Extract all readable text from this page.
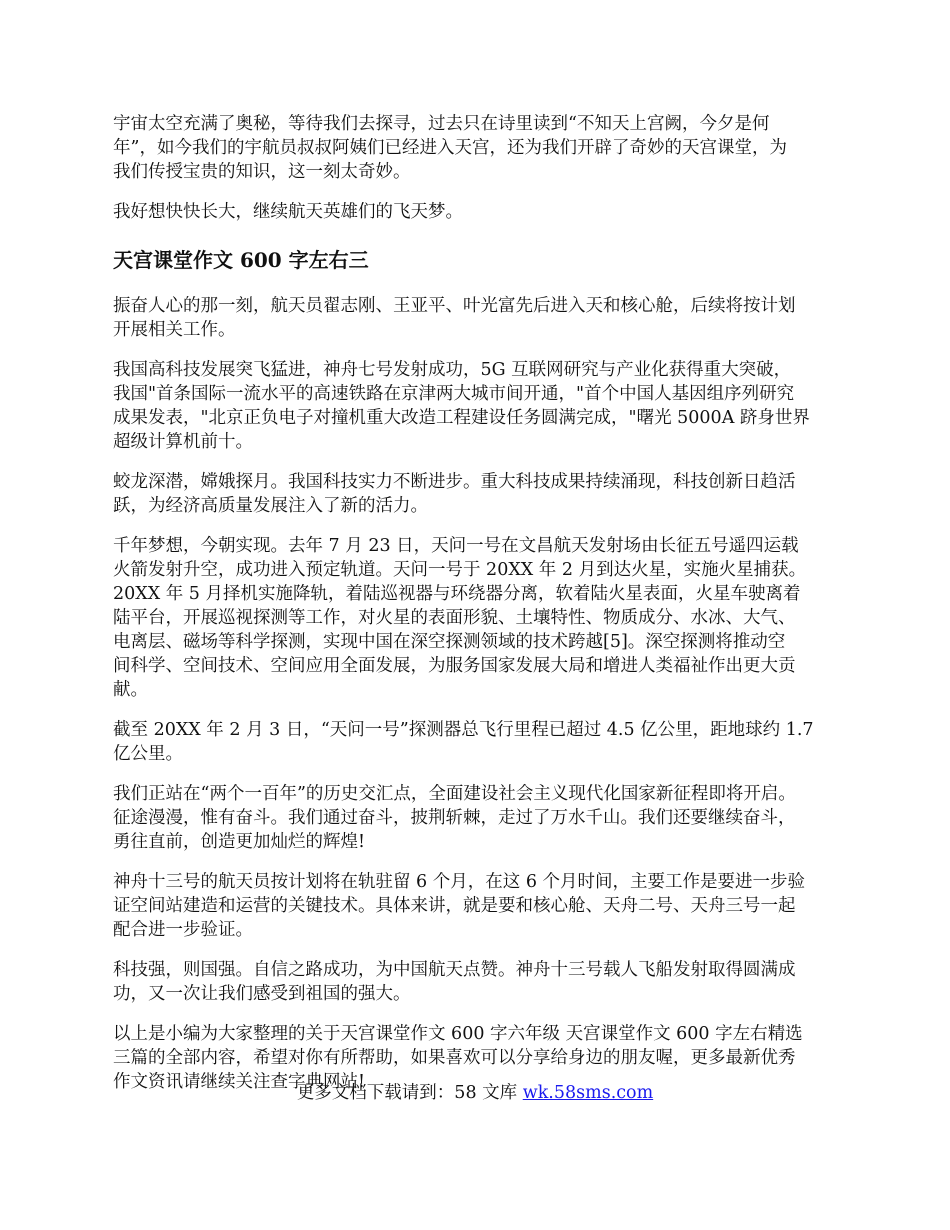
宇宙太空充满了奥秘，等待我们去探寻，过去只在诗里读到“不知天上宫阙，今夕是何
年”，如今我们的宇航员叔叔阿姨们已经进入天宫，还为我们开辟了奇妙的天宫课堂，为
我们传授宝贵的知识，这一刻太奇妙。

我好想快快长大，继续航天英雄们的飞天梦。

天宫课堂作文 600 字左右三

振奋人心的那一刻，航天员翟志刚、王亚平、叶光富先后进入天和核心舱，后续将按计划
开展相关工作。

我国高科技发展突飞猛进，神舟七号发射成功，5G 互联网研究与产业化获得重大突破，
我国"首条国际一流水平的高速铁路在京津两大城市间开通，"首个中国人基因组序列研究
成果发表，"北京正负电子对撞机重大改造工程建设任务圆满完成，"曙光 5000A 跻身世界
超级计算机前十。

蛟龙深潜，嫦娥探月。我国科技实力不断进步。重大科技成果持续涌现，科技创新日趋活
跃，为经济高质量发展注入了新的活力。

千年梦想，今朝实现。去年 7 月 23 日，天问一号在文昌航天发射场由长征五号遥四运载
火箭发射升空，成功进入预定轨道。天问一号于 20XX 年 2 月到达火星，实施火星捕获。
20XX 年 5 月择机实施降轨，着陆巡视器与环绕器分离，软着陆火星表面，火星车驶离着
陆平台，开展巡视探测等工作，对火星的表面形貌、土壤特性、物质成分、水冰、大气、
电离层、磁场等科学探测，实现中国在深空探测领域的技术跨越[5]。深空探测将推动空
间科学、空间技术、空间应用全面发展，为服务国家发展大局和增进人类福祉作出更大贡
献。

截至 20XX 年 2 月 3 日，“天问一号”探测器总飞行里程已超过 4.5 亿公里，距地球约 1.7
亿公里。

我们正站在“两个一百年”的历史交汇点，全面建设社会主义现代化国家新征程即将开启。
征途漫漫，惟有奋斗。我们通过奋斗，披荆斩棘，走过了万水千山。我们还要继续奋斗，
勇往直前，创造更加灿烂的辉煌!

神舟十三号的航天员按计划将在轨驻留 6 个月，在这 6 个月时间，主要工作是要进一步验
证空间站建造和运营的关键技术。具体来讲，就是要和核心舱、天舟二号、天舟三号一起
配合进一步验证。

科技强，则国强。自信之路成功，为中国航天点赞。神舟十三号载人飞船发射取得圆满成
功，又一次让我们感受到祖国的强大。

以上是小编为大家整理的关于天宫课堂作文 600 字六年级 天宫课堂作文 600 字左右精选
三篇的全部内容，希望对你有所帮助，如果喜欢可以分享给身边的朋友喔，更多最新优秀
作文资讯请继续关注查字典网站!

更多文档下载请到：58 文库 wk.58sms.com
